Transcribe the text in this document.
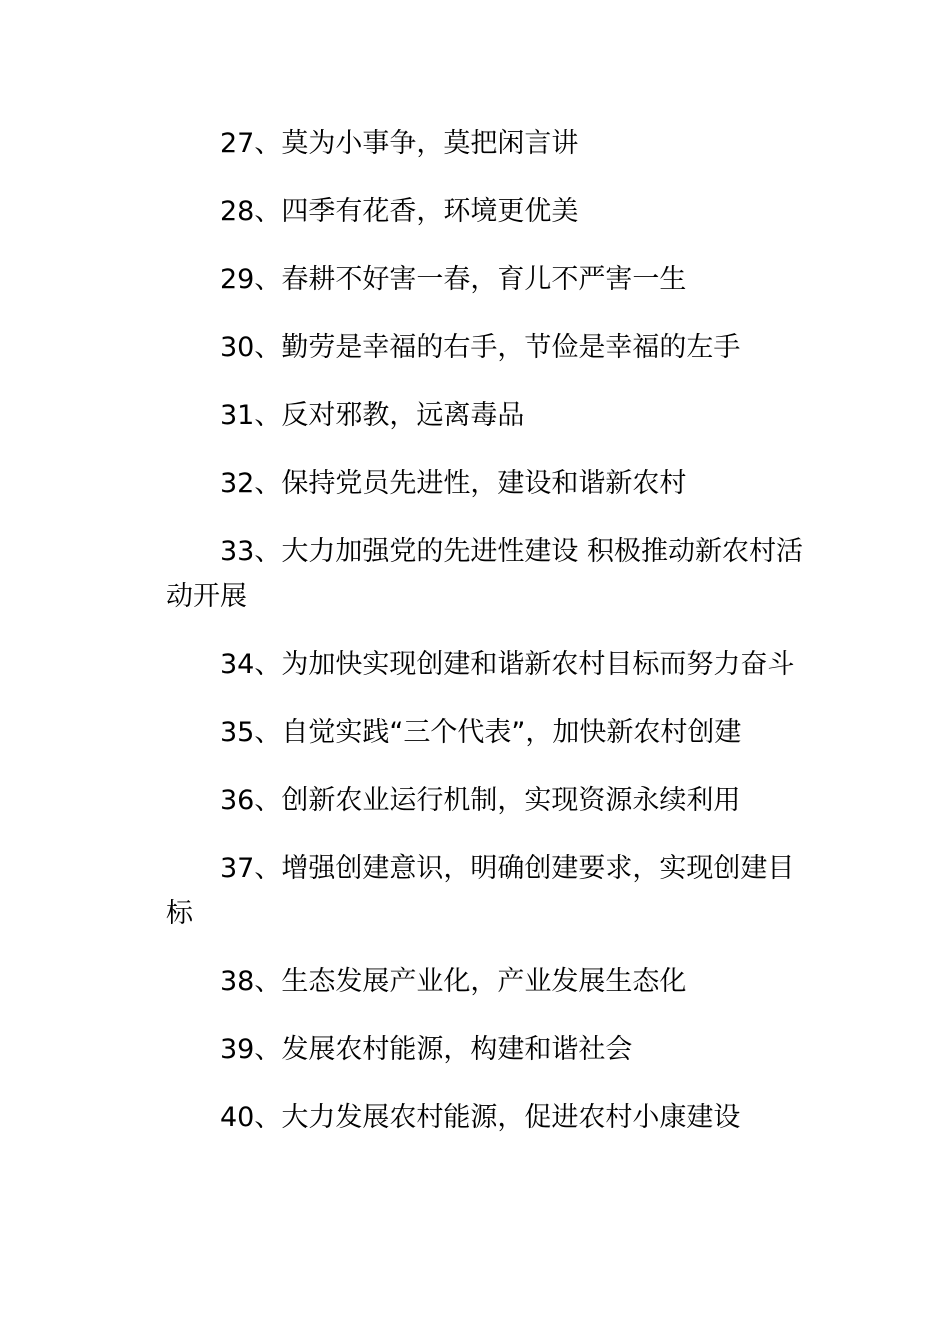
27、莫为小事争，莫把闲言讲

28、四季有花香，环境更优美

29、春耕不好害一春，育儿不严害一生

30、勤劳是幸福的右手，节俭是幸福的左手

31、反对邪教，远离毒品

32、保持党员先进性，建设和谐新农村

33、大力加强党的先进性建设 积极推动新农村活动开展

34、为加快实现创建和谐新农村目标而努力奋斗

35、自觉实践“三个代表”，加快新农村创建

36、创新农业运行机制，实现资源永续利用

37、增强创建意识，明确创建要求，实现创建目标

38、生态发展产业化，产业发展生态化

39、发展农村能源，构建和谐社会

40、大力发展农村能源，促进农村小康建设
